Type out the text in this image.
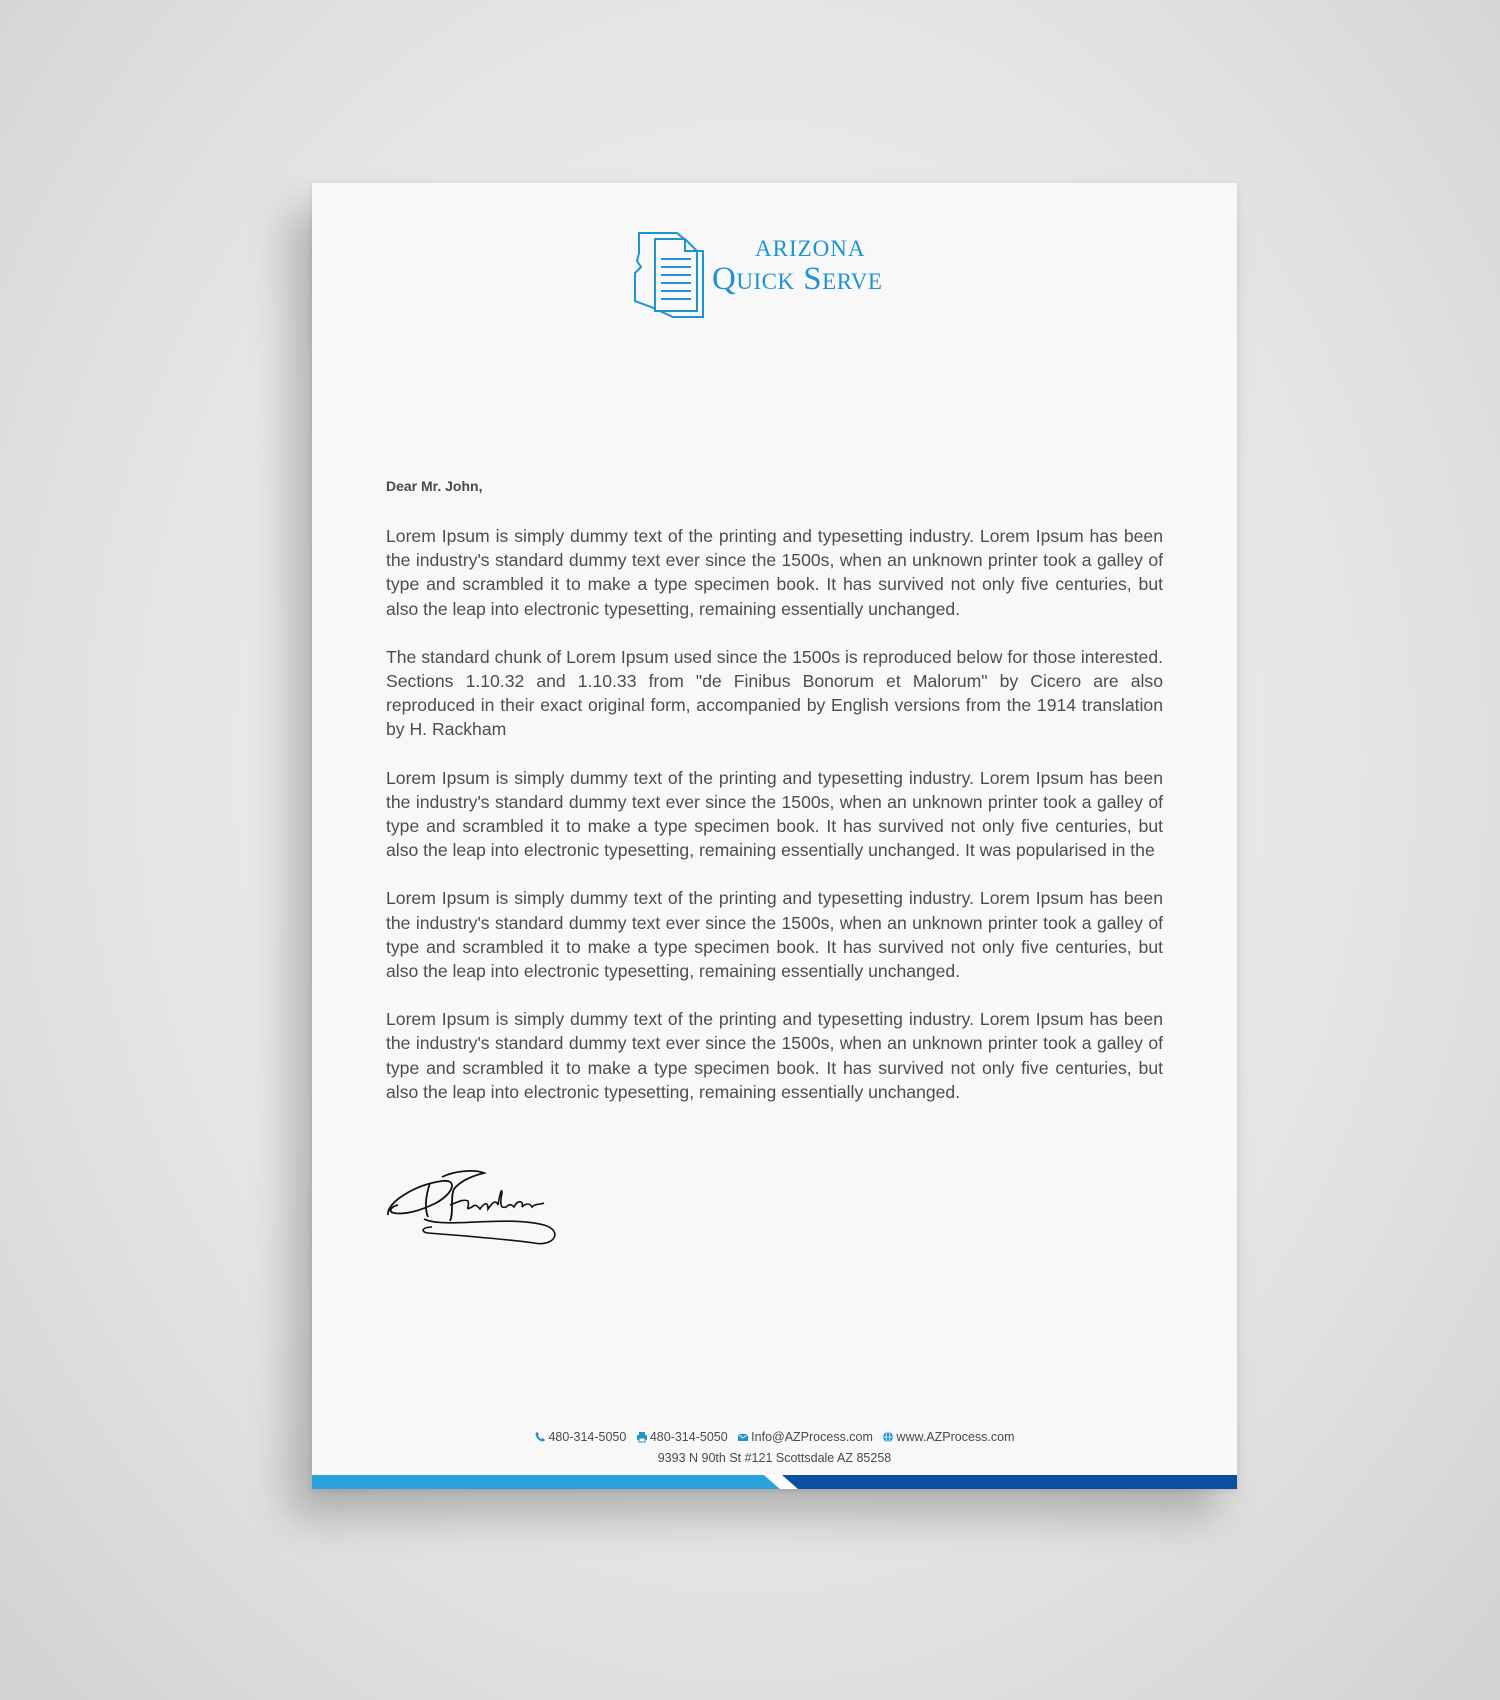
ARIZONA
Quick Serve
Dear Mr. John,

Lorem Ipsum is simply dummy text of the printing and typesetting industry. Lorem Ipsum has been the industry's standard dummy text ever since the 1500s, when an unknown printer took a galley of type and scrambled it to make a type specimen book. It has survived not only five centuries, but also the leap into electronic typesetting, remaining essentially unchanged.

The standard chunk of Lorem Ipsum used since the 1500s is reproduced below for those interested. Sections 1.10.32 and 1.10.33 from "de Finibus Bonorum et Malorum" by Cicero are also reproduced in their exact original form, accompanied by English versions from the 1914 translation by H. Rackham

Lorem Ipsum is simply dummy text of the printing and typesetting industry. Lorem Ipsum has been the industry's standard dummy text ever since the 1500s, when an unknown printer took a galley of type and scrambled it to make a type specimen book. It has survived not only five centuries, but also the leap into electronic typesetting, remaining essentially unchanged. It was popularised in the

Lorem Ipsum is simply dummy text of the printing and typesetting industry. Lorem Ipsum has been the industry's standard dummy text ever since the 1500s, when an unknown printer took a galley of type and scrambled it to make a type specimen book. It has survived not only five centuries, but also the leap into electronic typesetting, remaining essentially unchanged.

Lorem Ipsum is simply dummy text of the printing and typesetting industry. Lorem Ipsum has been the industry's standard dummy text ever since the 1500s, when an unknown printer took a galley of type and scrambled it to make a type specimen book. It has survived not only five centuries, but also the leap into electronic typesetting, remaining essentially unchanged.

480-314-5050 480-314-5050 Info@AZProcess.com www.AZProcess.com
9393 N 90th St #121 Scottsdale AZ 85258
